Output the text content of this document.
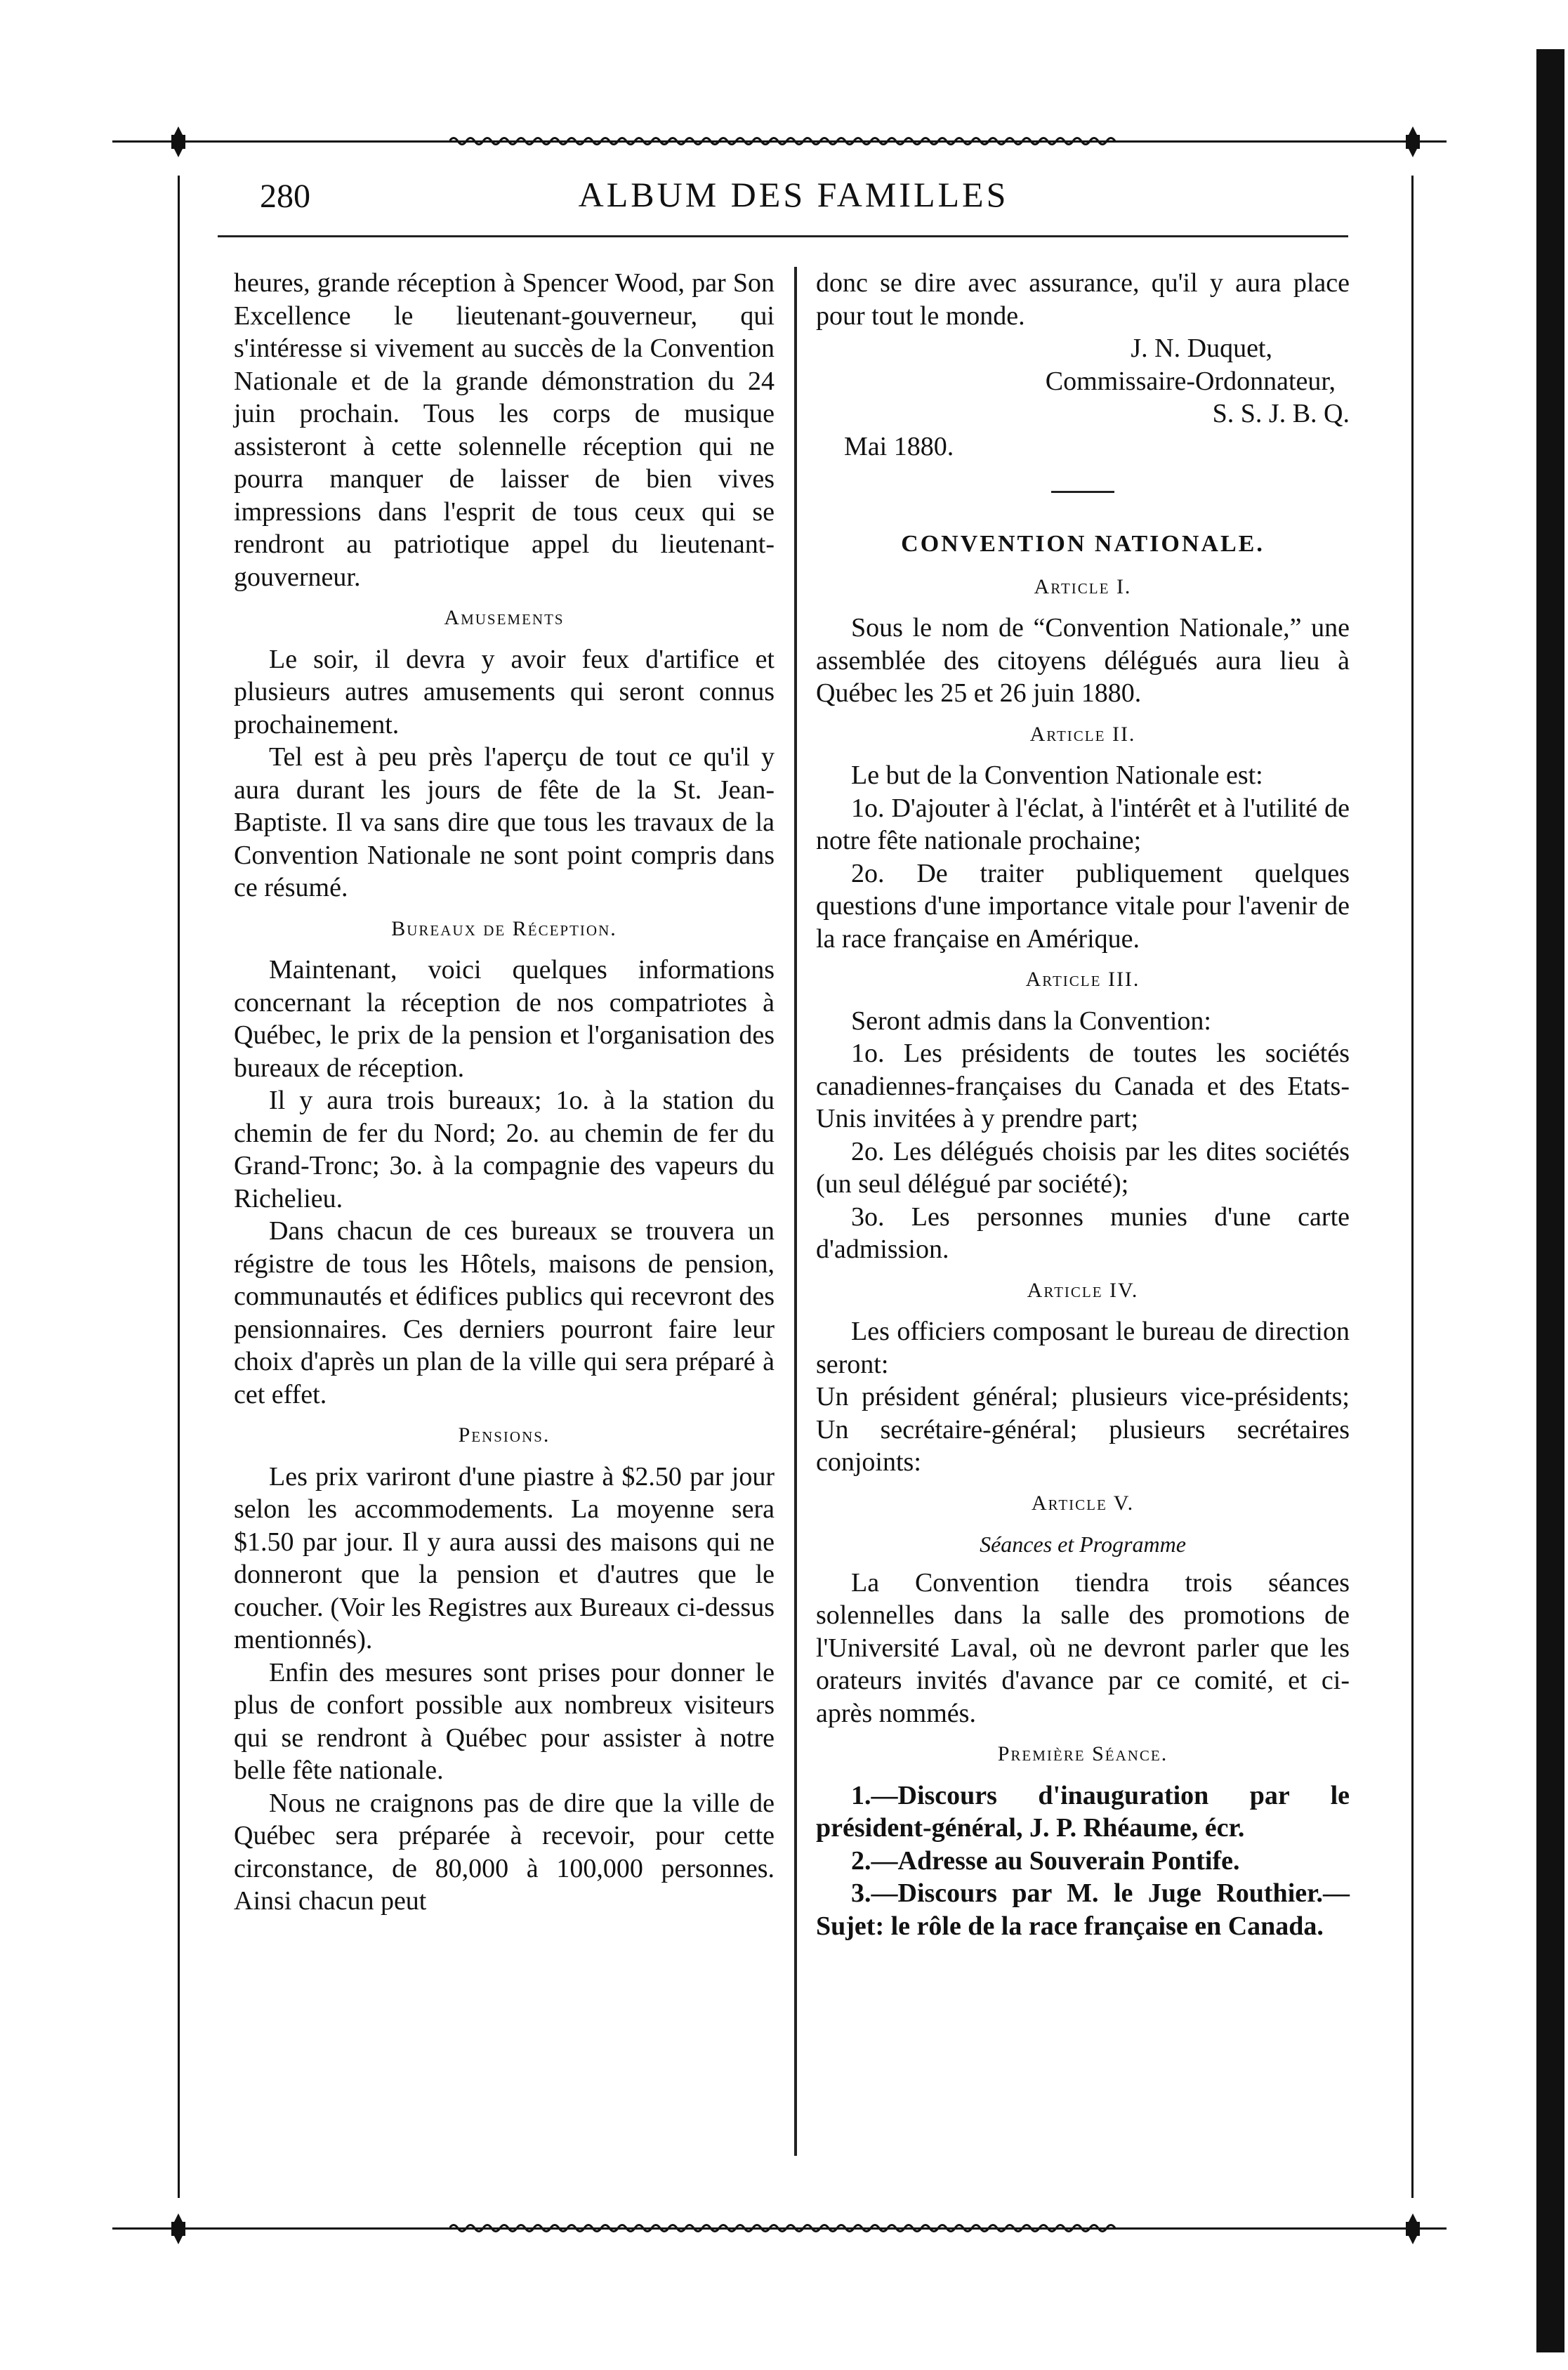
280	ALBUM DES FAMILLES

heures, grande réception à Spencer Wood, par Son Excellence le lieutenant-gouverneur, qui s'intéresse si vivement au succès de la Convention Nationale et de la grande démonstration du 24 juin prochain. Tous les corps de musique assisteront à cette solennelle réception qui ne pourra manquer de laisser de bien vives impressions dans l'esprit de tous ceux qui se rendront au patriotique appel du lieutenant-gouverneur.

Amusements

Le soir, il devra y avoir feux d'artifice et plusieurs autres amusements qui seront connus prochainement.

Tel est à peu près l'aperçu de tout ce qu'il y aura durant les jours de fête de la St. Jean-Baptiste. Il va sans dire que tous les travaux de la Convention Nationale ne sont point compris dans ce résumé.

Bureaux de Réception.

Maintenant, voici quelques informations concernant la réception de nos compatriotes à Québec, le prix de la pension et l'organisation des bureaux de réception.

Il y aura trois bureaux; 1o. à la station du chemin de fer du Nord; 2o. au chemin de fer du Grand-Tronc; 3o. à la compagnie des vapeurs du Richelieu.

Dans chacun de ces bureaux se trouvera un régistre de tous les Hôtels, maisons de pension, communautés et édifices publics qui recevront des pensionnaires. Ces derniers pourront faire leur choix d'après un plan de la ville qui sera préparé à cet effet.

Pensions.

Les prix variront d'une piastre à $2.50 par jour selon les accommodements. La moyenne sera $1.50 par jour. Il y aura aussi des maisons qui ne donneront que la pension et d'autres que le coucher. (Voir les Registres aux Bureaux ci-dessus mentionnés).

Enfin des mesures sont prises pour donner le plus de confort possible aux nombreux visiteurs qui se rendront à Québec pour assister à notre belle fête nationale.

Nous ne craignons pas de dire que la ville de Québec sera préparée à recevoir, pour cette circonstance, de 80,000 à 100,000 personnes. Ainsi chacun peut

donc se dire avec assurance, qu'il y aura place pour tout le monde.

J. N. Duquet,
Commissaire-Ordonnateur,
S. S. J. B. Q.
Mai 1880.
CONVENTION NATIONALE.
Article I.

Sous le nom de “Convention Nationale,” une assemblée des citoyens délégués aura lieu à Québec les 25 et 26 juin 1880.

Article II.

Le but de la Convention Nationale est:

1o. D'ajouter à l'éclat, à l'intérêt et à l'utilité de notre fête nationale prochaine;

2o. De traiter publiquement quelques questions d'une importance vitale pour l'avenir de la race française en Amérique.

Article III.

Seront admis dans la Convention:

1o. Les présidents de toutes les sociétés canadiennes-françaises du Canada et des Etats-Unis invitées à y prendre part;

2o. Les délégués choisis par les dites sociétés (un seul délégué par société);

3o. Les personnes munies d'une carte d'admission.

Article IV.

Les officiers composant le bureau de direction seront:

Un président général; plusieurs vice-présidents; Un secrétaire-général; plusieurs secrétaires conjoints:

Article V.
Séances et Programme

La Convention tiendra trois séances solennelles dans la salle des promotions de l'Université Laval, où ne devront parler que les orateurs invités d'avance par ce comité, et ci-après nommés.

Première Séance.

1.—Discours d'inauguration par le président-général, J. P. Rhéaume, écr.

2.—Adresse au Souverain Pontife.

3.—Discours par M. le Juge Routhier.—Sujet: le rôle de la race française en Canada.
